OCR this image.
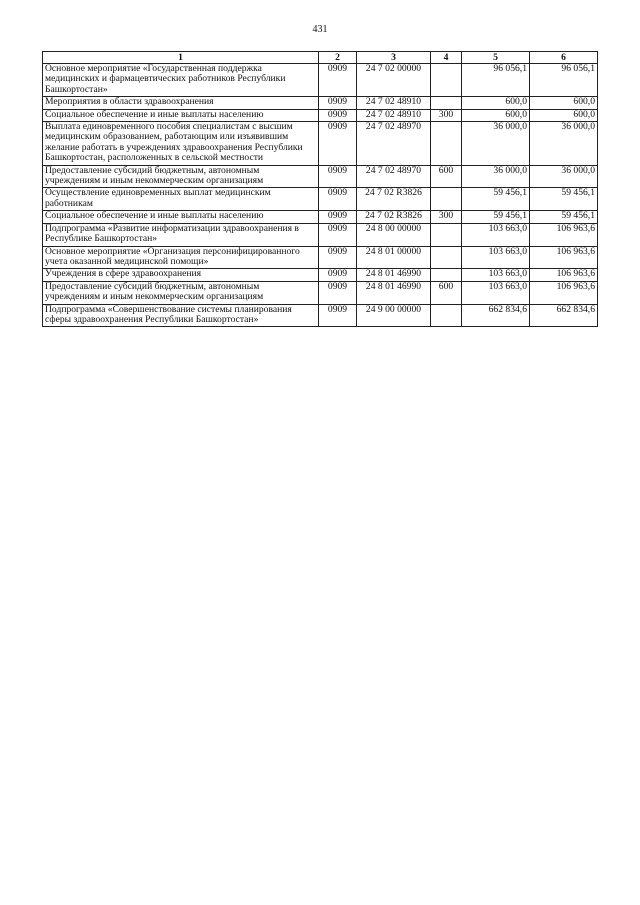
431
1	2	3	4	5	6
Основное мероприятие «Государственная поддержка медицинских и фармацевтических работников Республики Башкортостан»	0909	24 7 02 00000		96 056,1	96 056,1
Мероприятия в области здравоохранения	0909	24 7 02 48910		600,0	600,0
Социальное обеспечение и иные выплаты населению	0909	24 7 02 48910	300	600,0	600,0
Выплата единовременного пособия специалистам с высшим медицинским образованием, работающим или изъявившим желание работать в учреждениях здравоохранения Республики Башкортостан, расположенных в сельской местности	0909	24 7 02 48970		36 000,0	36 000,0
Предоставление субсидий бюджетным, автономным учреждениям и иным некоммерческим организациям	0909	24 7 02 48970	600	36 000,0	36 000,0
Осуществление единовременных выплат медицинским работникам	0909	24 7 02 R3826		59 456,1	59 456,1
Социальное обеспечение и иные выплаты населению	0909	24 7 02 R3826	300	59 456,1	59 456,1
Подпрограмма «Развитие информатизации здравоохранения в Республике Башкортостан»	0909	24 8 00 00000		103 663,0	106 963,6
Основное мероприятие «Организация персонифицированного учета оказанной медицинской помощи»	0909	24 8 01 00000		103 663,0	106 963,6
Учреждения в сфере здравоохранения	0909	24 8 01 46990		103 663,0	106 963,6
Предоставление субсидий бюджетным, автономным учреждениям и иным некоммерческим организациям	0909	24 8 01 46990	600	103 663,0	106 963,6
Подпрограмма «Совершенствование системы планирования сферы здравоохранения Республики Башкортостан»	0909	24 9 00 00000		662 834,6	662 834,6
